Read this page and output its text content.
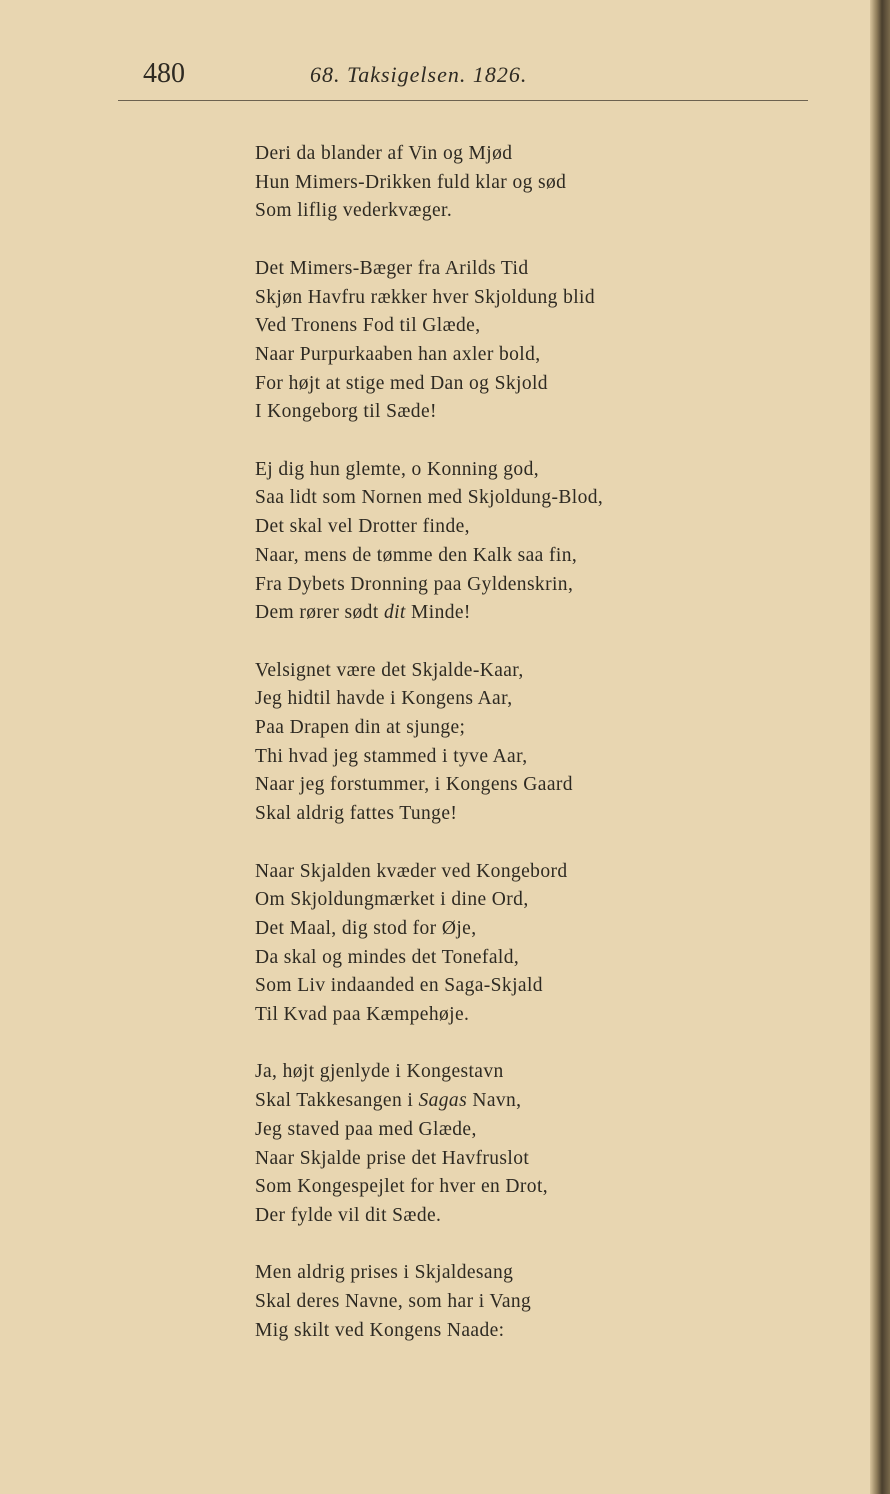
480	68. Taksigelsen. 1826.
Deri da blander af Vin og Mjød
Hun Mimers-Drikken fuld klar og sød
Som liflig vederkvæger.
Det Mimers-Bæger fra Arilds Tid
Skjøn Havfru rækker hver Skjoldung blid
Ved Tronens Fod til Glæde,
Naar Purpurkaaben han axler bold,
For højt at stige med Dan og Skjold
I Kongeborg til Sæde!
Ej dig hun glemte, o Konning god,
Saa lidt som Nornen med Skjoldung-Blod,
Det skal vel Drotter finde,
Naar, mens de tømme den Kalk saa fin,
Fra Dybets Dronning paa Gyldenskrin,
Dem rører sødt dit Minde!
Velsignet være det Skjalde-Kaar,
Jeg hidtil havde i Kongens Aar,
Paa Drapen din at sjunge;
Thi hvad jeg stammed i tyve Aar,
Naar jeg forstummer, i Kongens Gaard
Skal aldrig fattes Tunge!
Naar Skjalden kvæder ved Kongebord
Om Skjoldungmærket i dine Ord,
Det Maal, dig stod for Øje,
Da skal og mindes det Tonefald,
Som Liv indaanded en Saga-Skjald
Til Kvad paa Kæmpehøje.
Ja, højt gjenlyde i Kongestavn
Skal Takkesangen i Sagas Navn,
Jeg staved paa med Glæde,
Naar Skjalde prise det Havfruslot
Som Kongespejlet for hver en Drot,
Der fylde vil dit Sæde.
Men aldrig prises i Skjaldesang
Skal deres Navne, som har i Vang
Mig skilt ved Kongens Naade:
